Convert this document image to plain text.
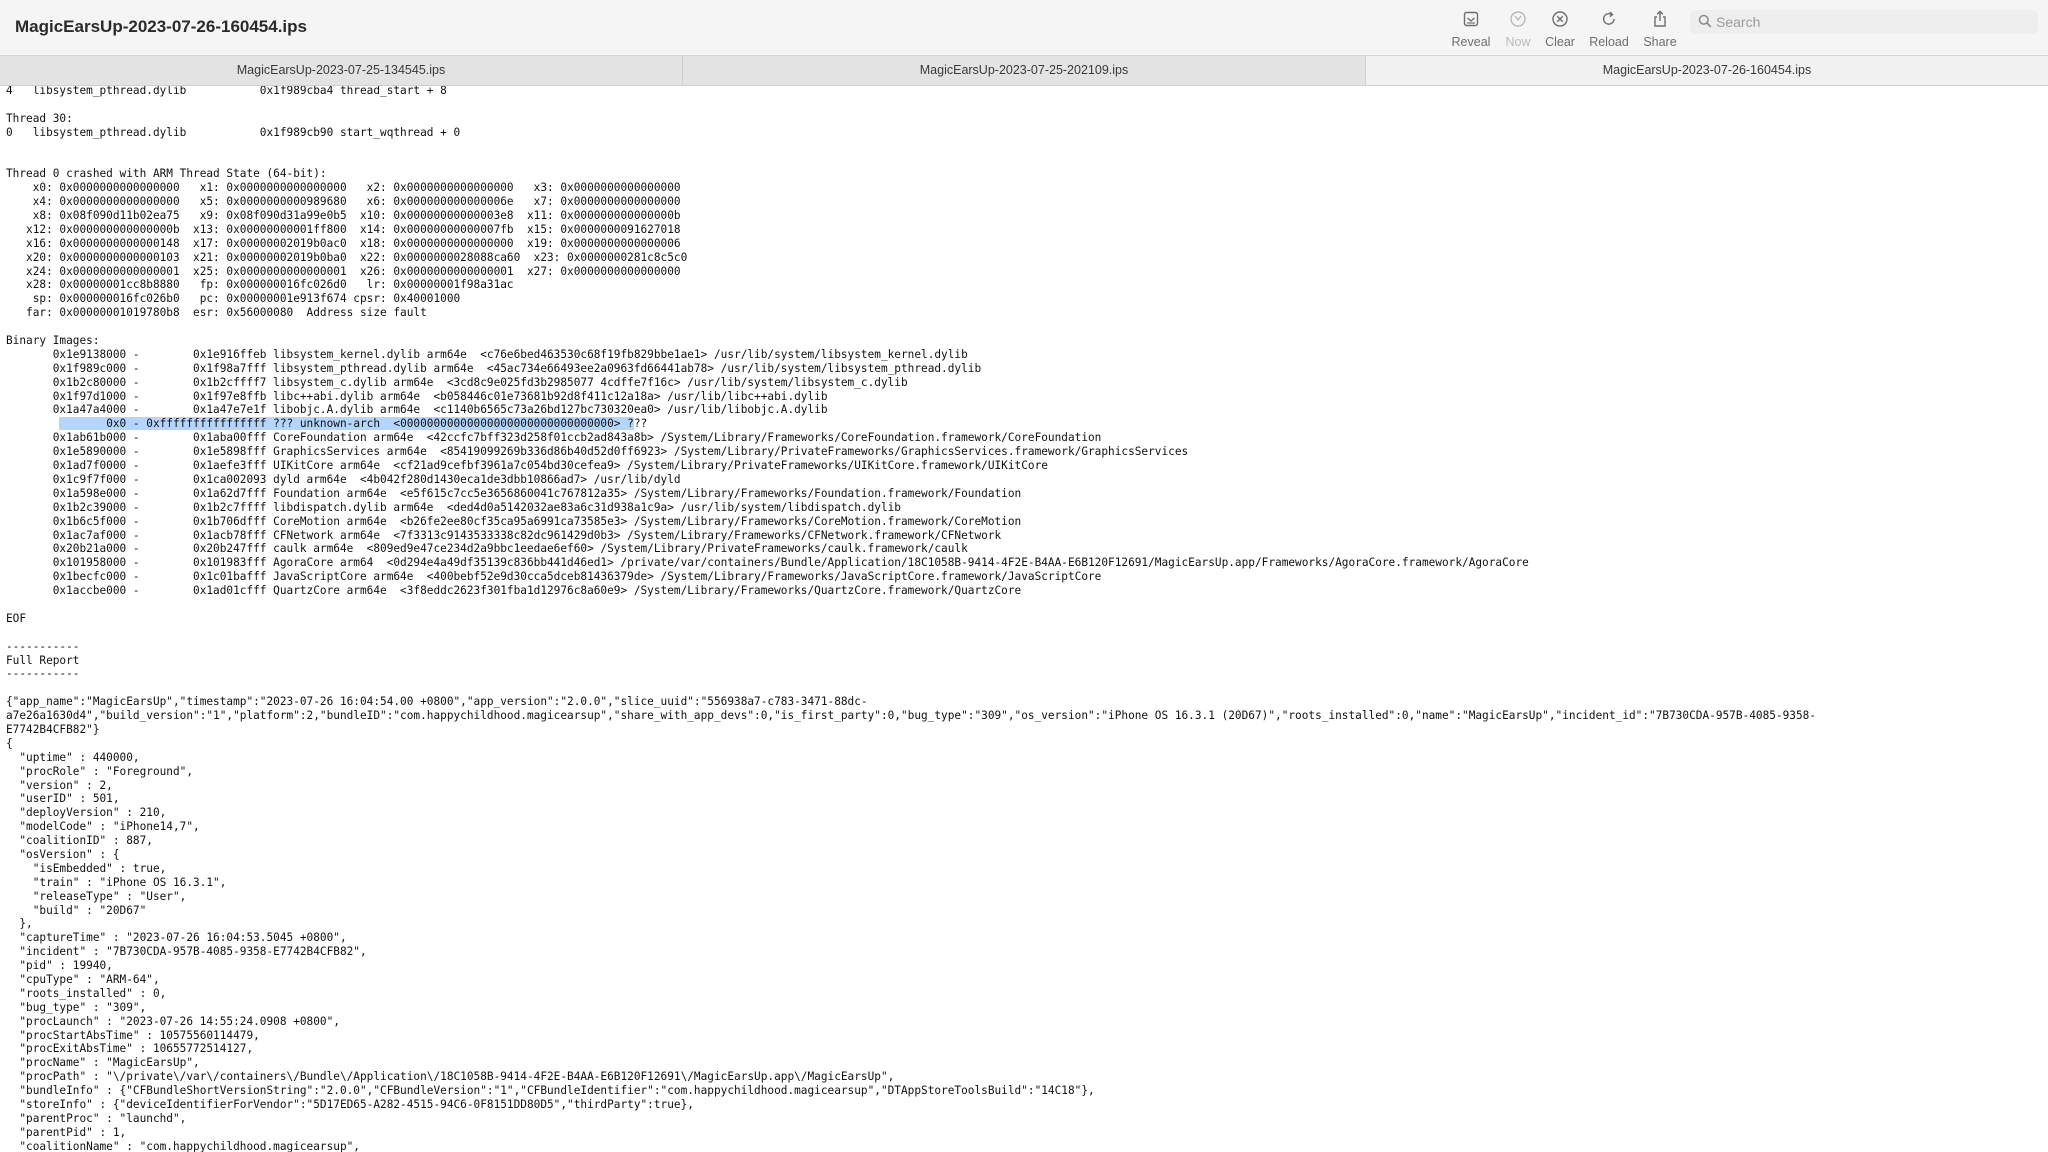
MagicEarsUp-2023-07-26-160454.ips
Reveal	Now	Clear	Reload	Share
Search
MagicEarsUp-2023-07-25-134545.ips	MagicEarsUp-2023-07-25-202109.ips	MagicEarsUp-2023-07-26-160454.ips
4   libsystem_pthread.dylib           0x1f989cba4 thread_start + 8
Thread 30:
0   libsystem_pthread.dylib           0x1f989cb90 start_wqthread + 0
Thread 0 crashed with ARM Thread State (64-bit):
x0: 0x0000000000000000   x1: 0x0000000000000000   x2: 0x0000000000000000   x3: 0x0000000000000000
x4: 0x0000000000000000   x5: 0x0000000000989680   x6: 0x000000000000006e   x7: 0x0000000000000000
x8: 0x08f090d11b02ea75   x9: 0x08f090d31a99e0b5  x10: 0x00000000000003e8  x11: 0x000000000000000b
x12: 0x000000000000000b  x13: 0x00000000001ff800  x14: 0x00000000000007fb  x15: 0x0000000091627018
x16: 0x0000000000000148  x17: 0x00000002019b0ac0  x18: 0x0000000000000000  x19: 0x0000000000000006
x20: 0x0000000000000103  x21: 0x00000002019b0ba0  x22: 0x0000000028088ca60  x23: 0x0000000281c8c5c0
x24: 0x0000000000000001  x25: 0x0000000000000001  x26: 0x0000000000000001  x27: 0x0000000000000000
x28: 0x00000001cc8b8880   fp: 0x000000016fc026d0   lr: 0x00000001f98a31ac
sp: 0x000000016fc026b0   pc: 0x00000001e913f674 cpsr: 0x40001000
far: 0x00000001019780b8  esr: 0x56000080  Address size fault
Binary Images:
0x1e9138000 -        0x1e916ffeb libsystem_kernel.dylib arm64e  <c76e6bed463530c68f19fb829bbe1ae1> /usr/lib/system/libsystem_kernel.dylib
0x1f989c000 -        0x1f98a7fff libsystem_pthread.dylib arm64e  <45ac734e66493ee2a0963fd66441ab78> /usr/lib/system/libsystem_pthread.dylib
0x1b2c80000 -        0x1b2cffff7 libsystem_c.dylib arm64e  <3cd8c9e025fd3b2985077 4cdffe7f16c> /usr/lib/system/libsystem_c.dylib
0x1f97d1000 -        0x1f97e8ffb libc++abi.dylib arm64e  <b058446c01e73681b92d8f411c12a18a> /usr/lib/libc++abi.dylib
0x1a47a4000 -        0x1a47e7e1f libobjc.A.dylib arm64e  <c1140b6565c73a26bd127bc730320ea0> /usr/lib/libobjc.A.dylib
0x0 - 0xffffffffffffffff ??? unknown-arch  <00000000000000000000000000000000> ???
0x1ab61b000 -        0x1aba00fff CoreFoundation arm64e  <42ccfc7bff323d258f01ccb2ad843a8b> /System/Library/Frameworks/CoreFoundation.framework/CoreFoundation
0x1e5890000 -        0x1e5898fff GraphicsServices arm64e  <85419099269b336d86b40d52d0ff6923> /System/Library/PrivateFrameworks/GraphicsServices.framework/GraphicsServices
0x1ad7f0000 -        0x1aefe3fff UIKitCore arm64e  <cf21ad9cefbf3961a7c054bd30cefea9> /System/Library/PrivateFrameworks/UIKitCore.framework/UIKitCore
0x1c9f7f000 -        0x1ca002093 dyld arm64e  <4b042f280d1430eca1de3dbb10866ad7> /usr/lib/dyld
0x1a598e000 -        0x1a62d7fff Foundation arm64e  <e5f615c7cc5e3656860041c767812a35> /System/Library/Frameworks/Foundation.framework/Foundation
0x1b2c39000 -        0x1b2c7ffff libdispatch.dylib arm64e  <ded4d0a5142032ae83a6c31d938a1c9a> /usr/lib/system/libdispatch.dylib
0x1b6c5f000 -        0x1b706dfff CoreMotion arm64e  <b26fe2ee80cf35ca95a6991ca73585e3> /System/Library/Frameworks/CoreMotion.framework/CoreMotion
0x1ac7af000 -        0x1acb78fff CFNetwork arm64e  <7f3313c9143533338c82dc961429d0b3> /System/Library/Frameworks/CFNetwork.framework/CFNetwork
0x20b21a000 -        0x20b247fff caulk arm64e  <809ed9e47ce234d2a9bbc1eedae6ef60> /System/Library/PrivateFrameworks/caulk.framework/caulk
0x101958000 -        0x101983fff AgoraCore arm64  <0d294e4a49df35139c836bb441d46ed1> /private/var/containers/Bundle/Application/18C1058B-9414-4F2E-B4AA-E6B120F12691/MagicEarsUp.app/Frameworks/AgoraCore.framework/AgoraCore
0x1becfc000 -        0x1c01bafff JavaScriptCore arm64e  <400bebf52e9d30cca5dceb81436379de> /System/Library/Frameworks/JavaScriptCore.framework/JavaScriptCore
0x1accbe000 -        0x1ad01cfff QuartzCore arm64e  <3f8eddc2623f301fba1d12976c8a60e9> /System/Library/Frameworks/QuartzCore.framework/QuartzCore
EOF
-----------
Full Report
-----------
{"app_name":"MagicEarsUp","timestamp":"2023-07-26 16:04:54.00 +0800","app_version":"2.0.0","slice_uuid":"556938a7-c783-3471-88dc-
a7e26a1630d4","build_version":"1","platform":2,"bundleID":"com.happychildhood.magicearsup","share_with_app_devs":0,"is_first_party":0,"bug_type":"309","os_version":"iPhone OS 16.3.1 (20D67)","roots_installed":0,"name":"MagicEarsUp","incident_id":"7B730CDA-957B-4085-9358-
E7742B4CFB82"}
{
"uptime" : 440000,
"procRole" : "Foreground",
"version" : 2,
"userID" : 501,
"deployVersion" : 210,
"modelCode" : "iPhone14,7",
"coalitionID" : 887,
"osVersion" : {
"isEmbedded" : true,
"train" : "iPhone OS 16.3.1",
"releaseType" : "User",
"build" : "20D67"
},
"captureTime" : "2023-07-26 16:04:53.5045 +0800",
"incident" : "7B730CDA-957B-4085-9358-E7742B4CFB82",
"pid" : 19940,
"cpuType" : "ARM-64",
"roots_installed" : 0,
"bug_type" : "309",
"procLaunch" : "2023-07-26 14:55:24.0908 +0800",
"procStartAbsTime" : 10575560114479,
"procExitAbsTime" : 10655772514127,
"procName" : "MagicEarsUp",
"procPath" : "\/private\/var\/containers\/Bundle\/Application\/18C1058B-9414-4F2E-B4AA-E6B120F12691\/MagicEarsUp.app\/MagicEarsUp",
"bundleInfo" : {"CFBundleShortVersionString":"2.0.0","CFBundleVersion":"1","CFBundleIdentifier":"com.happychildhood.magicearsup","DTAppStoreToolsBuild":"14C18"},
"storeInfo" : {"deviceIdentifierForVendor":"5D17ED65-A282-4515-94C6-0F8151DD80D5","thirdParty":true},
"parentProc" : "launchd",
"parentPid" : 1,
"coalitionName" : "com.happychildhood.magicearsup",
